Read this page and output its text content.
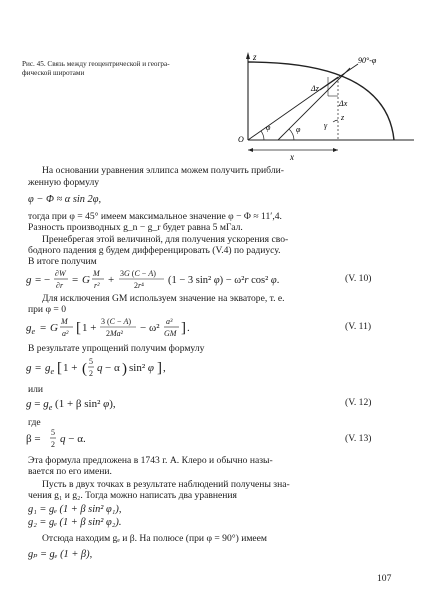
Рис. 45. Связь между геоцентрической и геогра-
фической широтами
z	90°-φ
Δz
Δx
z
φ	φ	γ
O
x
На основании уравнения эллипса можем получить прибли-
женную формулу
φ − Φ ≈ α sin 2φ,
тогда при φ = 45° имеем максимальное значение φ − Φ ≈ 11′,4.
Разность производных g_n − g_r будет равна 5 мГал.
Пренебрегая этой величиной, для получения ускорения сво-
бодного падения g будем дифференцировать (V.4) по радиусу.
В итоге получим
g = −
∂W
∂r = G
M
r² +
3G (C − A)
2r⁴ (1 − 3 sin² φ) − ω²r cos² φ.	(V. 10)
Для исключения GM используем значение на экваторе, т. е.
при φ = 0
$g_e = G$
M
a² [ 1 +
3 (C − A)
2Ma² − ω²
a³
GM ] .	(V. 11)
В результате упрощений получим формулу
$g = g_e$ [ 1 + ( 5
2 q − α ) sin² φ ] ,
или
$g = g_e$ (1 + β sin² φ),	(V. 12)
где
β =
5
2 q − α.	(V. 13)
Эта формула предложена в 1743 г. А. Клеро и обычно назы-
вается по его имени.
Пусть в двух точках в результате наблюдений получены зна-
чения g₁ и g₂. Тогда можно написать два уравнения
g₁ = gₑ (1 + β sin² φ₁),
g₂ = gₑ (1 + β sin² φ₂).
Отсюда находим gₑ и β. На полюсе (при φ = 90°) имеем
gₚ = gₑ (1 + β),
107
